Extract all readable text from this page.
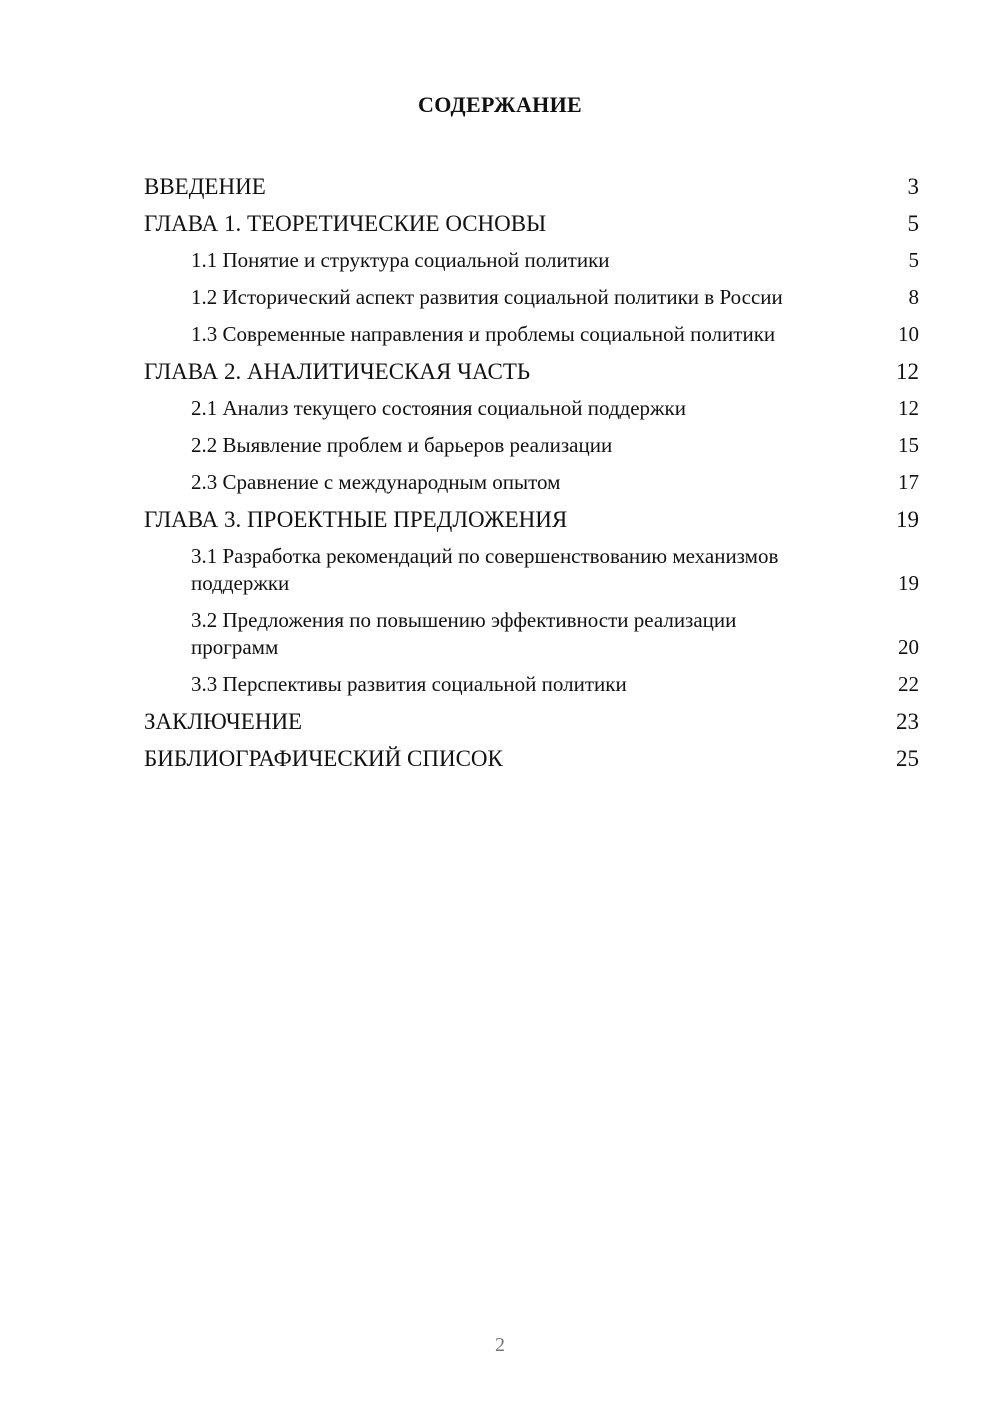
СОДЕРЖАНИЕ
ВВЕДЕНИЕ	3
ГЛАВА 1. ТЕОРЕТИЧЕСКИЕ ОСНОВЫ	5
1.1 Понятие и структура социальной политики	5
1.2 Исторический аспект развития социальной политики в России	8
1.3 Современные направления и проблемы социальной политики	10
ГЛАВА 2. АНАЛИТИЧЕСКАЯ ЧАСТЬ	12
2.1 Анализ текущего состояния социальной поддержки	12
2.2 Выявление проблем и барьеров реализации	15
2.3 Сравнение с международным опытом	17
ГЛАВА 3. ПРОЕКТНЫЕ ПРЕДЛОЖЕНИЯ	19
3.1 Разработка рекомендаций по совершенствованию механизмов поддержки	19
3.2 Предложения по повышению эффективности реализации программ	20
3.3 Перспективы развития социальной политики	22
ЗАКЛЮЧЕНИЕ	23
БИБЛИОГРАФИЧЕСКИЙ СПИСОК	25
2
